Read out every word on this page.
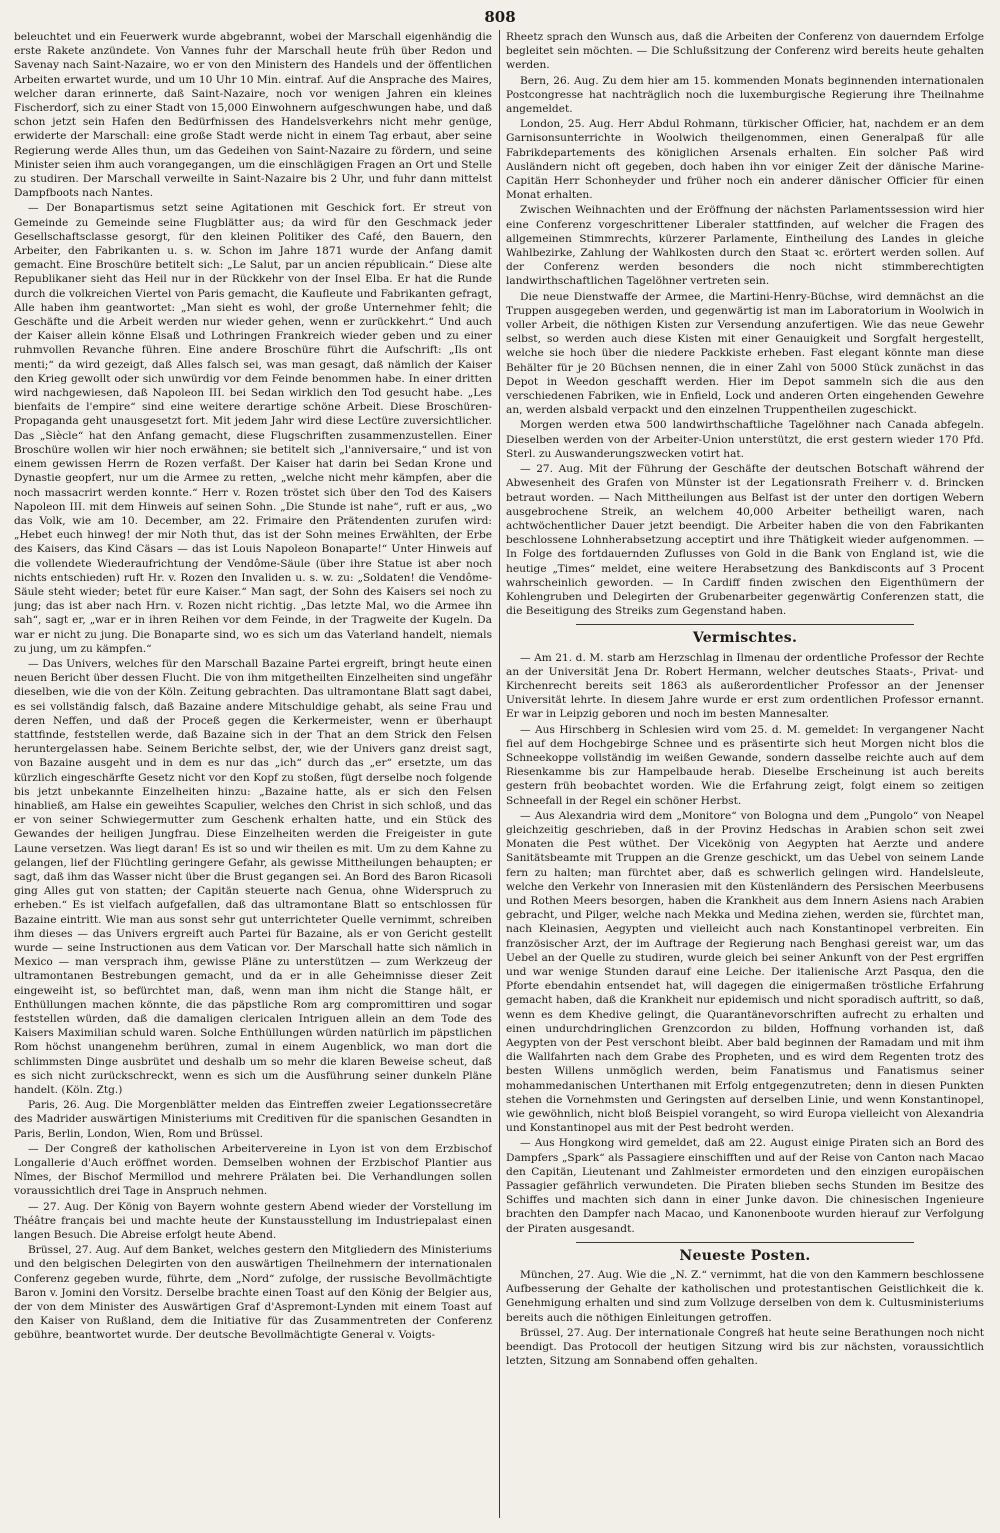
808

beleuchtet und ein Feuerwerk wurde abgebrannt, wobei der Marschall eigenhändig die erste Rakete anzündete. Von Vannes fuhr der Marschall heute früh über Redon und Savenay nach Saint-Nazaire, wo er von den Ministern des Handels und der öffentlichen Arbeiten erwartet wurde, und um 10 Uhr 10 Min. eintraf. Auf die Ansprache des Maires, welcher daran erinnerte, daß Saint-Nazaire, noch vor wenigen Jahren ein kleines Fischerdorf, sich zu einer Stadt von 15,000 Einwohnern aufgeschwungen habe, und daß schon jetzt sein Hafen den Bedürfnissen des Handelsverkehrs nicht mehr genüge, erwiderte der Marschall: eine große Stadt werde nicht in einem Tag erbaut, aber seine Regierung werde Alles thun, um das Gedeihen von Saint-Nazaire zu fördern, und seine Minister seien ihm auch vorangegangen, um die einschlägigen Fragen an Ort und Stelle zu studiren. Der Marschall verweilte in Saint-Nazaire bis 2 Uhr, und fuhr dann mittelst Dampfboots nach Nantes.

— Der Bonapartismus setzt seine Agitationen mit Geschick fort. Er streut von Gemeinde zu Gemeinde seine Flugblätter aus; da wird für den Geschmack jeder Gesellschaftsclasse gesorgt, für den kleinen Politiker des Café, den Bauern, den Arbeiter, den Fabrikanten u. s. w. Schon im Jahre 1871 wurde der Anfang damit gemacht. Eine Broschüre betitelt sich: „Le Salut, par un ancien républicain.“ Diese alte Republikaner sieht das Heil nur in der Rückkehr von der Insel Elba. Er hat die Runde durch die volkreichen Viertel von Paris gemacht, die Kaufleute und Fabrikanten gefragt, Alle haben ihm geantwortet: „Man sieht es wohl, der große Unternehmer fehlt; die Geschäfte und die Arbeit werden nur wieder gehen, wenn er zurückkehrt.“ Und auch der Kaiser allein könne Elsaß und Lothringen Frankreich wieder geben und zu einer ruhmvollen Revanche führen. Eine andere Broschüre führt die Aufschrift: „Ils ont menti;“ da wird gezeigt, daß Alles falsch sei, was man gesagt, daß nämlich der Kaiser den Krieg gewollt oder sich unwürdig vor dem Feinde benommen habe. In einer dritten wird nachgewiesen, daß Napoleon III. bei Sedan wirklich den Tod gesucht habe. „Les bienfaits de l'empire“ sind eine weitere derartige schöne Arbeit. Diese Broschüren-Propaganda geht unausgesetzt fort. Mit jedem Jahr wird diese Lectüre zuversichtlicher. Das „Siècle“ hat den Anfang gemacht, diese Flugschriften zusammenzustellen. Einer Broschüre wollen wir hier noch erwähnen; sie betitelt sich „l'anniversaire,“ und ist von einem gewissen Herrn de Rozen verfaßt. Der Kaiser hat darin bei Sedan Krone und Dynastie geopfert, nur um die Armee zu retten, „welche nicht mehr kämpfen, aber die noch massacrirt werden konnte.“ Herr v. Rozen tröstet sich über den Tod des Kaisers Napoleon III. mit dem Hinweis auf seinen Sohn. „Die Stunde ist nahe“, ruft er aus, „wo das Volk, wie am 10. December, am 22. Frimaire den Prätendenten zurufen wird: „Hebet euch hinweg! der mir Noth thut, das ist der Sohn meines Erwählten, der Erbe des Kaisers, das Kind Cäsars — das ist Louis Napoleon Bonaparte!“ Unter Hinweis auf die vollendete Wiederaufrichtung der Vendôme-Säule (über ihre Statue ist aber noch nichts entschieden) ruft Hr. v. Rozen den Invaliden u. s. w. zu: „Soldaten! die Vendôme-Säule steht wieder; betet für eure Kaiser.“ Man sagt, der Sohn des Kaisers sei noch zu jung; das ist aber nach Hrn. v. Rozen nicht richtig. „Das letzte Mal, wo die Armee ihn sah“, sagt er, „war er in ihren Reihen vor dem Feinde, in der Tragweite der Kugeln. Da war er nicht zu jung. Die Bonaparte sind, wo es sich um das Vaterland handelt, niemals zu jung, um zu kämpfen.“

— Das Univers, welches für den Marschall Bazaine Partei ergreift, bringt heute einen neuen Bericht über dessen Flucht. Die von ihm mitgetheilten Einzelheiten sind ungefähr dieselben, wie die von der Köln. Zeitung gebrachten. Das ultramontane Blatt sagt dabei, es sei vollständig falsch, daß Bazaine andere Mitschuldige gehabt, als seine Frau und deren Neffen, und daß der Proceß gegen die Kerkermeister, wenn er überhaupt stattfinde, feststellen werde, daß Bazaine sich in der That an dem Strick den Felsen heruntergelassen habe. Seinem Berichte selbst, der, wie der Univers ganz dreist sagt, von Bazaine ausgeht und in dem es nur das „ich“ durch das „er“ ersetzte, um das kürzlich eingeschärfte Gesetz nicht vor den Kopf zu stoßen, fügt derselbe noch folgende bis jetzt unbekannte Einzelheiten hinzu: „Bazaine hatte, als er sich den Felsen hinabließ, am Halse ein geweihtes Scapulier, welches den Christ in sich schloß, und das er von seiner Schwiegermutter zum Geschenk erhalten hatte, und ein Stück des Gewandes der heiligen Jungfrau. Diese Einzelheiten werden die Freigeister in gute Laune versetzen. Was liegt daran! Es ist so und wir theilen es mit. Um zu dem Kahne zu gelangen, lief der Flüchtling geringere Gefahr, als gewisse Mittheilungen behaupten; er sagt, daß ihm das Wasser nicht über die Brust gegangen sei. An Bord des Baron Ricasoli ging Alles gut von statten; der Capitän steuerte nach Genua, ohne Widerspruch zu erheben.“ Es ist vielfach aufgefallen, daß das ultramontane Blatt so entschlossen für Bazaine eintritt. Wie man aus sonst sehr gut unterrichteter Quelle vernimmt, schreiben ihm dieses — das Univers ergreift auch Partei für Bazaine, als er von Gericht gestellt wurde — seine Instructionen aus dem Vatican vor. Der Marschall hatte sich nämlich in Mexico — man versprach ihm, gewisse Pläne zu unterstützen — zum Werkzeug der ultramontanen Bestrebungen gemacht, und da er in alle Geheimnisse dieser Zeit eingeweiht ist, so befürchtet man, daß, wenn man ihm nicht die Stange hält, er Enthüllungen machen könnte, die das päpstliche Rom arg compromittiren und sogar feststellen würden, daß die damaligen clericalen Intriguen allein an dem Tode des Kaisers Maximilian schuld waren. Solche Enthüllungen würden natürlich im päpstlichen Rom höchst unangenehm berühren, zumal in einem Augenblick, wo man dort die schlimmsten Dinge ausbrütet und deshalb um so mehr die klaren Beweise scheut, daß es sich nicht zurückschreckt, wenn es sich um die Ausführung seiner dunkeln Pläne handelt. (Köln. Ztg.)

Paris, 26. Aug. Die Morgenblätter melden das Eintreffen zweier Legationssecretäre des Madrider auswärtigen Ministeriums mit Creditiven für die spanischen Gesandten in Paris, Berlin, London, Wien, Rom und Brüssel.

— Der Congreß der katholischen Arbeitervereine in Lyon ist von dem Erzbischof Longallerie d'Auch eröffnet worden. Demselben wohnen der Erzbischof Plantier aus Nîmes, der Bischof Mermillod und mehrere Prälaten bei. Die Verhandlungen sollen voraussichtlich drei Tage in Anspruch nehmen.

— 27. Aug. Der König von Bayern wohnte gestern Abend wieder der Vorstellung im Théâtre français bei und machte heute der Kunstausstellung im Industriepalast einen langen Besuch. Die Abreise erfolgt heute Abend.

Brüssel, 27. Aug. Auf dem Banket, welches gestern den Mitgliedern des Ministeriums und den belgischen Delegirten von den auswärtigen Theilnehmern der internationalen Conferenz gegeben wurde, führte, dem „Nord“ zufolge, der russische Bevollmächtigte Baron v. Jomini den Vorsitz. Derselbe brachte einen Toast auf den König der Belgier aus, der von dem Minister des Auswärtigen Graf d'Aspremont-Lynden mit einem Toast auf den Kaiser von Rußland, dem die Initiative für das Zusammentreten der Conferenz gebühre, beantwortet wurde. Der deutsche Bevollmächtigte General v. Voigts-

Rheetz sprach den Wunsch aus, daß die Arbeiten der Conferenz von dauerndem Erfolge begleitet sein möchten. — Die Schlußsitzung der Conferenz wird bereits heute gehalten werden.

Bern, 26. Aug. Zu dem hier am 15. kommenden Monats beginnenden internationalen Postcongresse hat nachträglich noch die luxemburgische Regierung ihre Theilnahme angemeldet.

London, 25. Aug. Herr Abdul Rohmann, türkischer Officier, hat, nachdem er an dem Garnisonsunterrichte in Woolwich theilgenommen, einen Generalpaß für alle Fabrikdepartements des königlichen Arsenals erhalten. Ein solcher Paß wird Ausländern nicht oft gegeben, doch haben ihn vor einiger Zeit der dänische Marine-Capitän Herr Schonheyder und früher noch ein anderer dänischer Officier für einen Monat erhalten.

Zwischen Weihnachten und der Eröffnung der nächsten Parlamentssession wird hier eine Conferenz vorgeschrittener Liberaler stattfinden, auf welcher die Fragen des allgemeinen Stimmrechts, kürzerer Parlamente, Eintheilung des Landes in gleiche Wahlbezirke, Zahlung der Wahlkosten durch den Staat ꝛc. erörtert werden sollen. Auf der Conferenz werden besonders die noch nicht stimmberechtigten landwirthschaftlichen Tagelöhner vertreten sein.

Die neue Dienstwaffe der Armee, die Martini-Henry-Büchse, wird demnächst an die Truppen ausgegeben werden, und gegenwärtig ist man im Laboratorium in Woolwich in voller Arbeit, die nöthigen Kisten zur Versendung anzufertigen. Wie das neue Gewehr selbst, so werden auch diese Kisten mit einer Genauigkeit und Sorgfalt hergestellt, welche sie hoch über die niedere Packkiste erheben. Fast elegant könnte man diese Behälter für je 20 Büchsen nennen, die in einer Zahl von 5000 Stück zunächst in das Depot in Weedon geschafft werden. Hier im Depot sammeln sich die aus den verschiedenen Fabriken, wie in Enfield, Lock und anderen Orten eingehenden Gewehre an, werden alsbald verpackt und den einzelnen Truppentheilen zugeschickt.

Morgen werden etwa 500 landwirthschaftliche Tagelöhner nach Canada abfegeln. Dieselben werden von der Arbeiter-Union unterstützt, die erst gestern wieder 170 Pfd. Sterl. zu Auswanderungszwecken votirt hat.

— 27. Aug. Mit der Führung der Geschäfte der deutschen Botschaft während der Abwesenheit des Grafen von Münster ist der Legationsrath Freiherr v. d. Brincken betraut worden. — Nach Mittheilungen aus Belfast ist der unter den dortigen Webern ausgebrochene Streik, an welchem 40,000 Arbeiter betheiligt waren, nach achtwöchentlicher Dauer jetzt beendigt. Die Arbeiter haben die von den Fabrikanten beschlossene Lohnherabsetzung acceptirt und ihre Thätigkeit wieder aufgenommen. — In Folge des fortdauernden Zuflusses von Gold in die Bank von England ist, wie die heutige „Times“ meldet, eine weitere Herabsetzung des Bankdisconts auf 3 Procent wahrscheinlich geworden. — In Cardiff finden zwischen den Eigenthümern der Kohlengruben und Delegirten der Grubenarbeiter gegenwärtig Conferenzen statt, die die Beseitigung des Streiks zum Gegenstand haben.

Vermischtes.

— Am 21. d. M. starb am Herzschlag in Ilmenau der ordentliche Professor der Rechte an der Universität Jena Dr. Robert Hermann, welcher deutsches Staats-, Privat- und Kirchenrecht bereits seit 1863 als außerordentlicher Professor an der Jenenser Universität lehrte. In diesem Jahre wurde er erst zum ordentlichen Professor ernannt. Er war in Leipzig geboren und noch im besten Mannesalter.

— Aus Hirschberg in Schlesien wird vom 25. d. M. gemeldet: In vergangener Nacht fiel auf dem Hochgebirge Schnee und es präsentirte sich heut Morgen nicht blos die Schneekoppe vollständig im weißen Gewande, sondern dasselbe reichte auch auf dem Riesenkamme bis zur Hampelbaude herab. Dieselbe Erscheinung ist auch bereits gestern früh beobachtet worden. Wie die Erfahrung zeigt, folgt einem so zeitigen Schneefall in der Regel ein schöner Herbst.

— Aus Alexandria wird dem „Monitore“ von Bologna und dem „Pungolo“ von Neapel gleichzeitig geschrieben, daß in der Provinz Hedschas in Arabien schon seit zwei Monaten die Pest wüthet. Der Vicekönig von Aegypten hat Aerzte und andere Sanitätsbeamte mit Truppen an die Grenze geschickt, um das Uebel von seinem Lande fern zu halten; man fürchtet aber, daß es schwerlich gelingen wird. Handelsleute, welche den Verkehr von Innerasien mit den Küstenländern des Persischen Meerbusens und Rothen Meers besorgen, haben die Krankheit aus dem Innern Asiens nach Arabien gebracht, und Pilger, welche nach Mekka und Medina ziehen, werden sie, fürchtet man, nach Kleinasien, Aegypten und vielleicht auch nach Konstantinopel verbreiten. Ein französischer Arzt, der im Auftrage der Regierung nach Benghasi gereist war, um das Uebel an der Quelle zu studiren, wurde gleich bei seiner Ankunft von der Pest ergriffen und war wenige Stunden darauf eine Leiche. Der italienische Arzt Pasqua, den die Pforte ebendahin entsendet hat, will dagegen die einigermaßen tröstliche Erfahrung gemacht haben, daß die Krankheit nur epidemisch und nicht sporadisch auftritt, so daß, wenn es dem Khedive gelingt, die Quarantänevorschriften aufrecht zu erhalten und einen undurchdringlichen Grenzcordon zu bilden, Hoffnung vorhanden ist, daß Aegypten von der Pest verschont bleibt. Aber bald beginnen der Ramadam und mit ihm die Wallfahrten nach dem Grabe des Propheten, und es wird dem Regenten trotz des besten Willens unmöglich werden, beim Fanatismus und Fanatismus seiner mohammedanischen Unterthanen mit Erfolg entgegenzutreten; denn in diesen Punkten stehen die Vornehmsten und Geringsten auf derselben Linie, und wenn Konstantinopel, wie gewöhnlich, nicht bloß Beispiel vorangeht, so wird Europa vielleicht von Alexandria und Konstantinopel aus mit der Pest bedroht werden.

— Aus Hongkong wird gemeldet, daß am 22. August einige Piraten sich an Bord des Dampfers „Spark“ als Passagiere einschifften und auf der Reise von Canton nach Macao den Capitän, Lieutenant und Zahlmeister ermordeten und den einzigen europäischen Passagier gefährlich verwundeten. Die Piraten blieben sechs Stunden im Besitze des Schiffes und machten sich dann in einer Junke davon. Die chinesischen Ingenieure brachten den Dampfer nach Macao, und Kanonenboote wurden hierauf zur Verfolgung der Piraten ausgesandt.

Neueste Posten.

München, 27. Aug. Wie die „N. Z.“ vernimmt, hat die von den Kammern beschlossene Aufbesserung der Gehalte der katholischen und protestantischen Geistlichkeit die k. Genehmigung erhalten und sind zum Vollzuge derselben von dem k. Cultusministeriums bereits auch die nöthigen Einleitungen getroffen.

Brüssel, 27. Aug. Der internationale Congreß hat heute seine Berathungen noch nicht beendigt. Das Protocoll der heutigen Sitzung wird bis zur nächsten, voraussichtlich letzten, Sitzung am Sonnabend offen gehalten.
